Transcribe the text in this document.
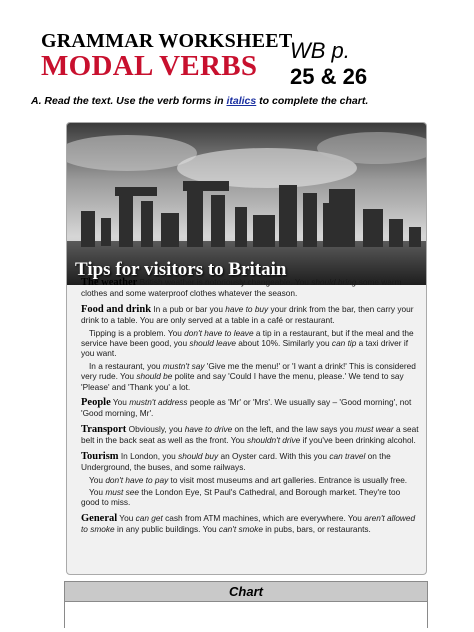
GRAMMAR WORKSHEET
MODAL VERBS WB p.
25 & 26
A. Read the text. Use the verb forms in italics to complete the chart.
Tips for visitors to Britain

The weather British weather is notoriously changeable. You should bring some warm clothes and some waterproof clothes whatever the season.

Food and drink In a pub or bar you have to buy your drink from the bar, then carry your drink to a table. You are only served at a table in a café or restaurant.

Tipping is a problem. You don't have to leave a tip in a restaurant, but if the meal and the service have been good, you should leave about 10%. Similarly you can tip a taxi driver if you want.

In a restaurant, you mustn't say 'Give me the menu!' or 'I want a drink!' This is considered very rude. You should be polite and say 'Could I have the menu, please.' We tend to say 'Please' and 'Thank you' a lot.

People You mustn't address people as 'Mr' or 'Mrs'. We usually say – 'Good morning', not 'Good morning, Mr'.

Transport Obviously, you have to drive on the left, and the law says you must wear a seat belt in the back seat as well as the front. You shouldn't drive if you've been drinking alcohol.

Tourism In London, you should buy an Oyster card. With this you can travel on the Underground, the buses, and some railways.

You don't have to pay to visit most museums and art galleries. Entrance is usually free.

You must see the London Eye, St Paul's Cathedral, and Borough market. They're too good to miss.

General You can get cash from ATM machines, which are everywhere. You aren't allowed to smoke in any public buildings. You can't smoke in pubs, bars, or restaurants.

Chart
